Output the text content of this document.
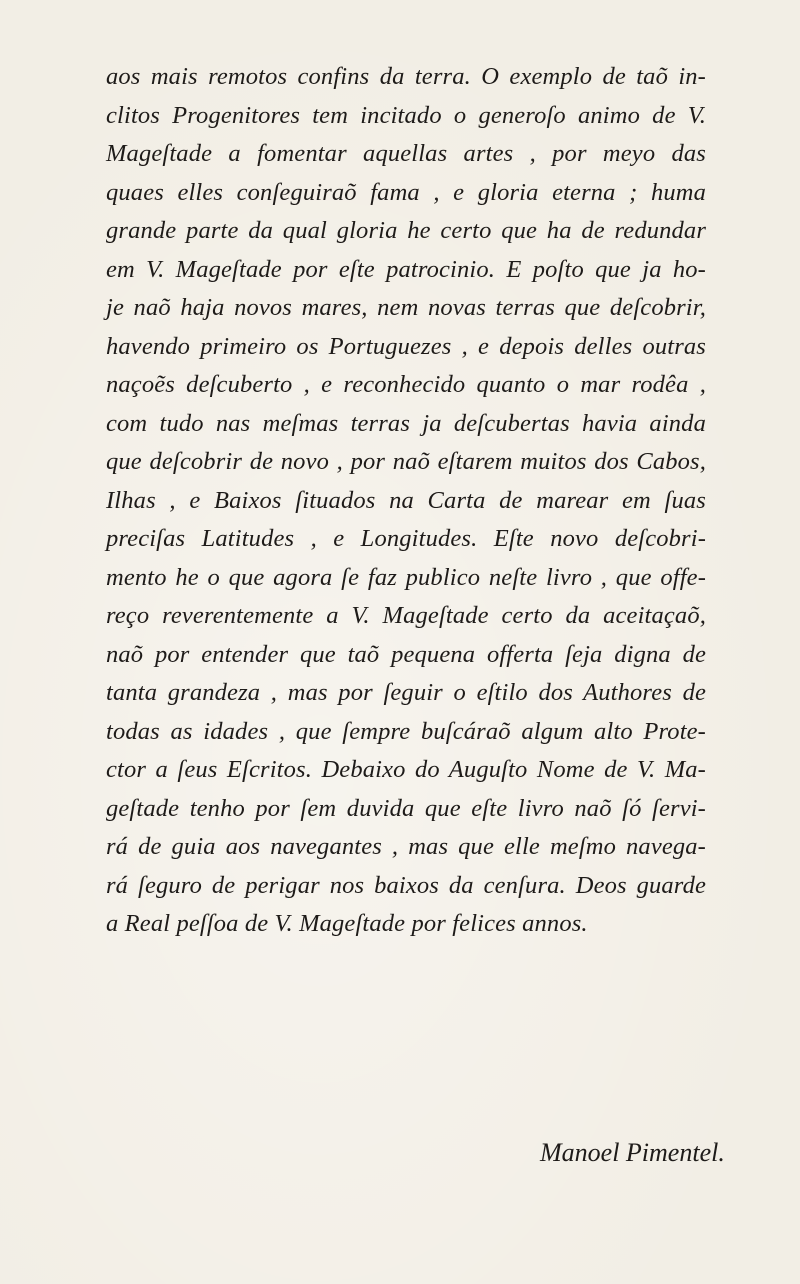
aos mais remotos confins da terra. O exemplo de taõ in-
clitos Progenitores tem incitado o generoſo animo de V.
Mageſtade a fomentar aquellas artes , por meyo das
quaes elles conſeguiraõ fama , e gloria eterna ; huma
grande parte da qual gloria he certo que ha de redundar
em V. Mageſtade por eſte patrocinio. E poſto que ja ho-
je naõ haja novos mares, nem novas terras que deſcobrir,
havendo primeiro os Portuguezes , e depois delles outras
naçoẽs deſcuberto , e reconhecido quanto o mar rodêa ,
com tudo nas meſmas terras ja deſcubertas havia ainda
que deſcobrir de novo , por naõ eſtarem muitos dos Cabos,
Ilhas , e Baixos ſituados na Carta de marear em ſuas
preciſas Latitudes , e Longitudes. Eſte novo deſcobri-
mento he o que agora ſe faz publico neſte livro , que offe-
reço reverentemente a V. Mageſtade certo da aceitaçaõ,
naõ por entender que taõ pequena offerta ſeja digna de
tanta grandeza , mas por ſeguir o eſtilo dos Authores de
todas as idades , que ſempre buſcáraõ algum alto Prote-
ctor a ſeus Eſcritos. Debaixo do Auguſto Nome de V. Ma-
geſtade tenho por ſem duvida que eſte livro naõ ſó ſervi-
rá de guia aos navegantes , mas que elle meſmo navega-
rá ſeguro de perigar nos baixos da cenſura. Deos guarde
a Real peſſoa de V. Mageſtade por felices annos.
Manoel Pimentel.
